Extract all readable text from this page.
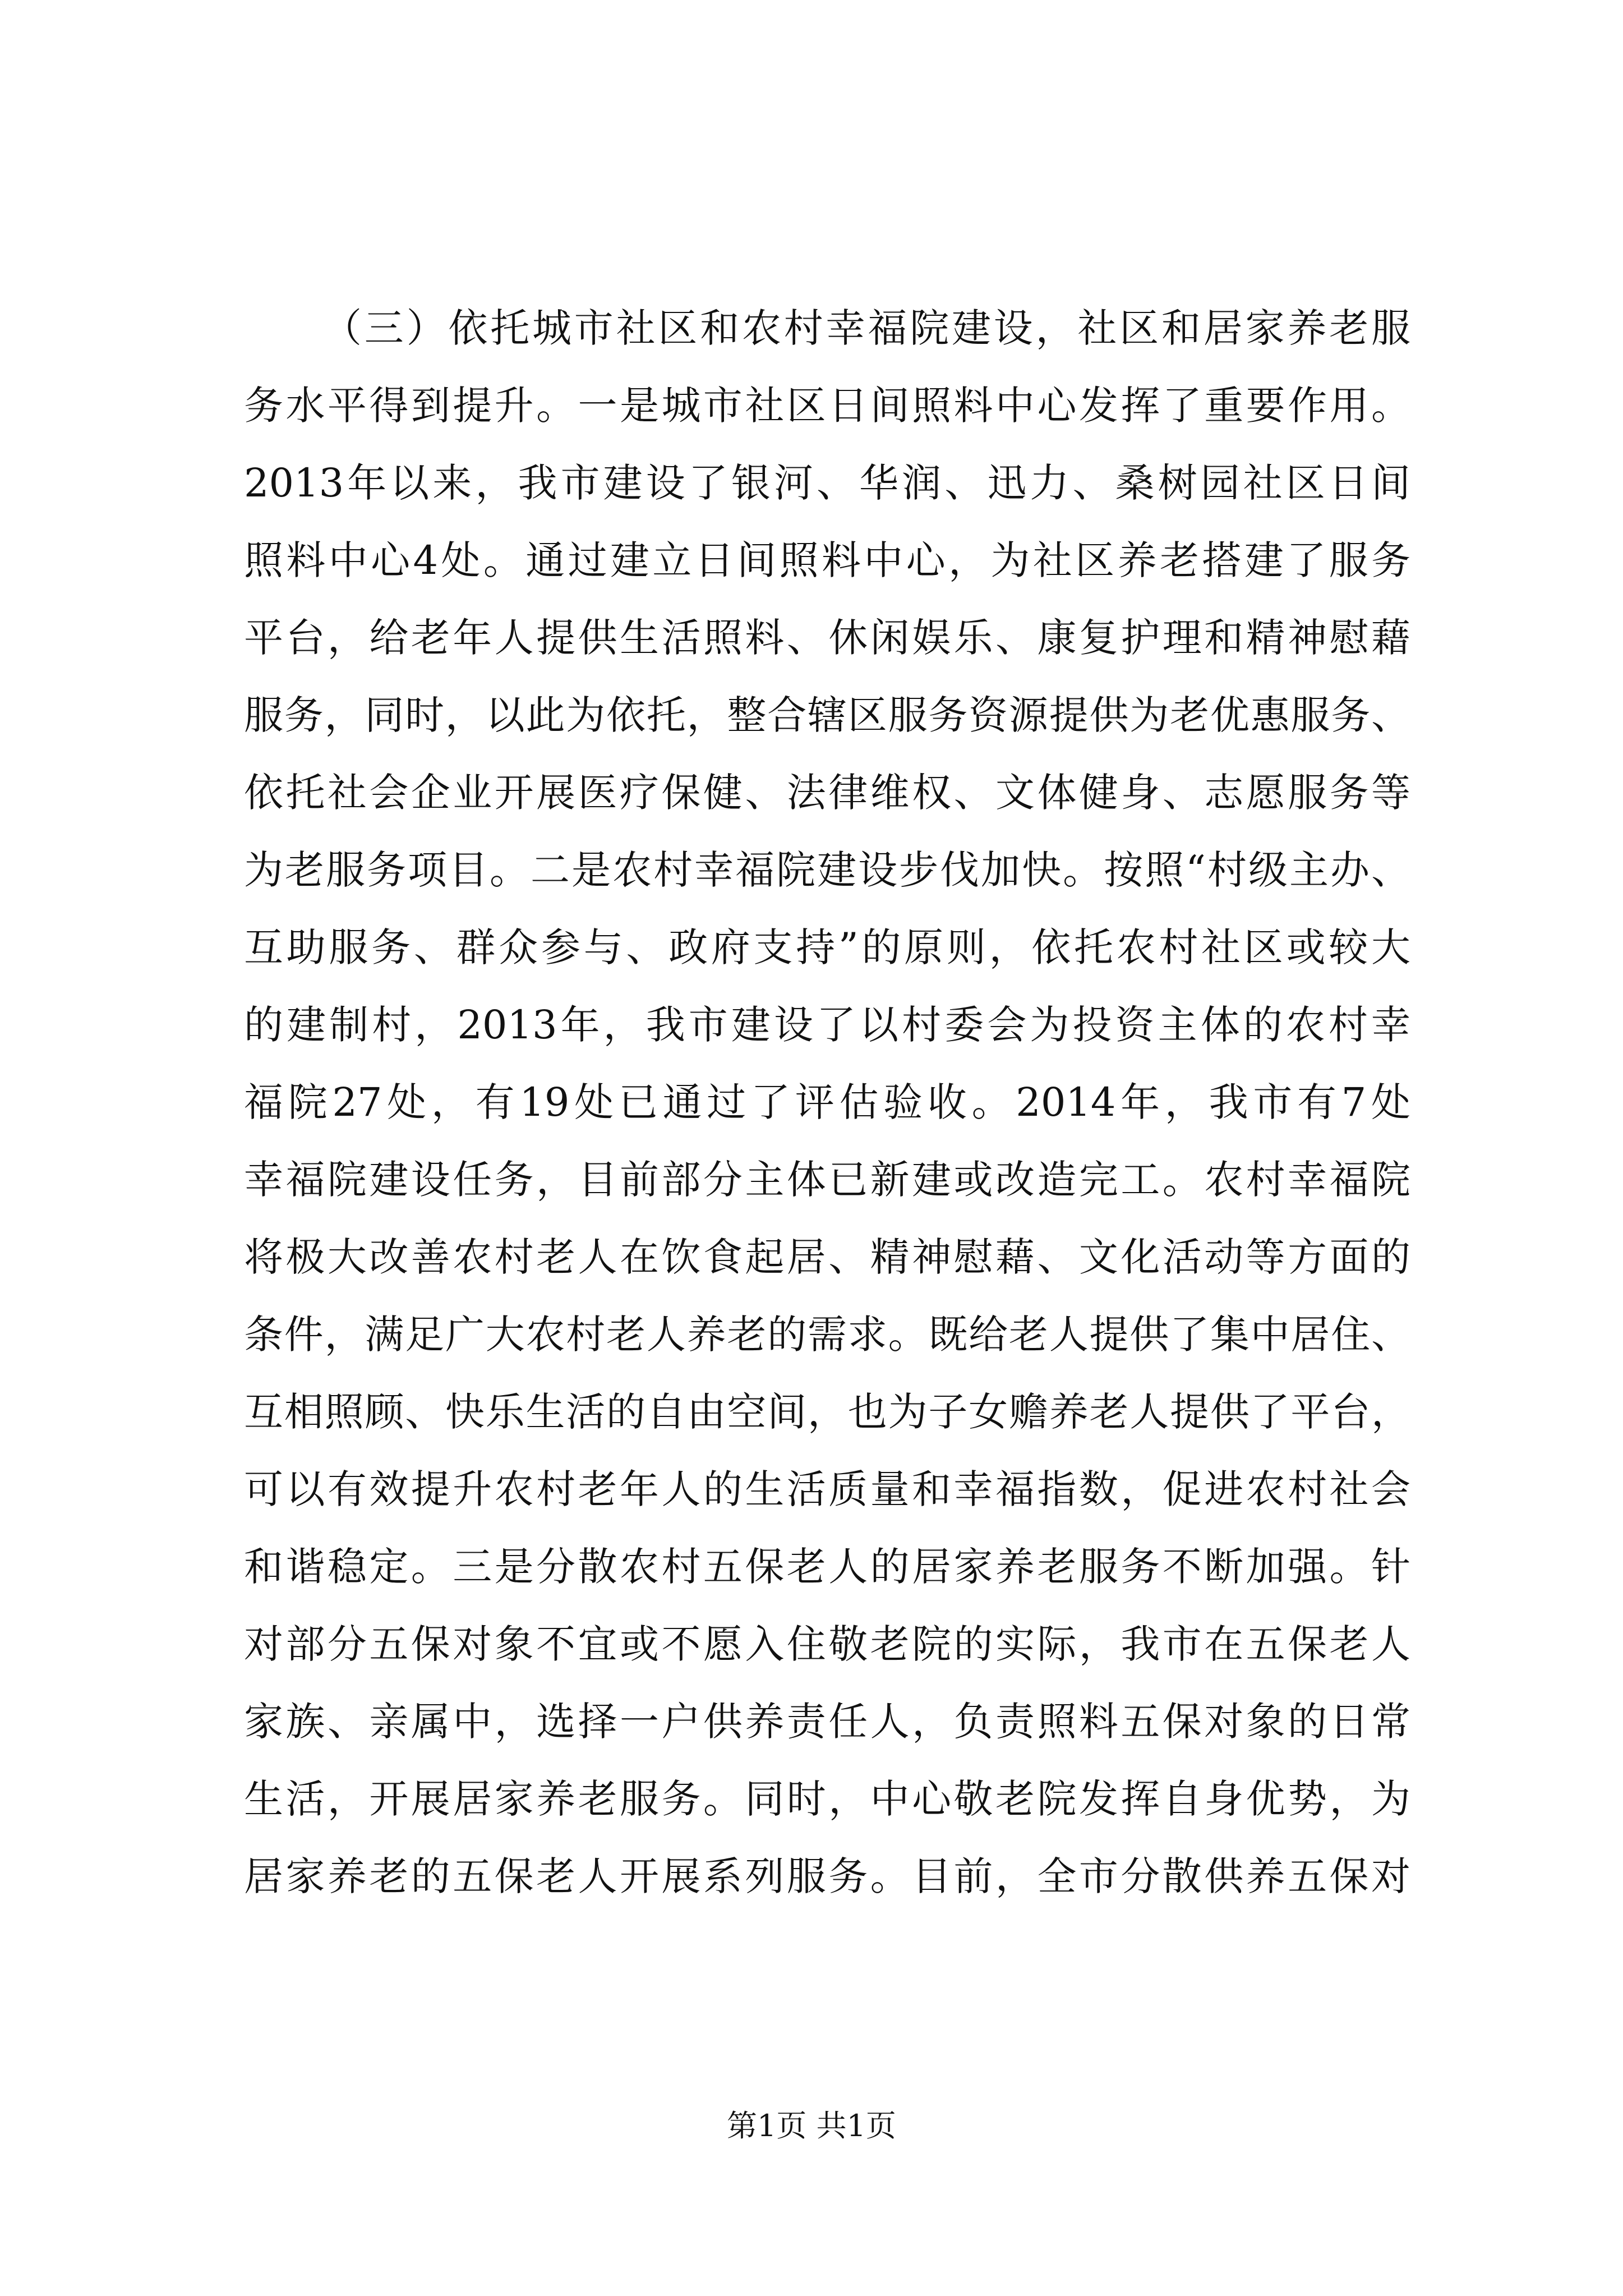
（三）依托城市社区和农村幸福院建设，社区和居家养老服
务水平得到提升。一是城市社区日间照料中心发挥了重要作用。
2013年以来，我市建设了银河、华润、迅力、桑树园社区日间
照料中心4处。通过建立日间照料中心，为社区养老搭建了服务
平台，给老年人提供生活照料、休闲娱乐、康复护理和精神慰藉
服务，同时，以此为依托，整合辖区服务资源提供为老优惠服务、
依托社会企业开展医疗保健、法律维权、文体健身、志愿服务等
为老服务项目。二是农村幸福院建设步伐加快。按照“村级主办、
互助服务、群众参与、政府支持”的原则，依托农村社区或较大
的建制村，2013年，我市建设了以村委会为投资主体的农村幸
福院27处，有19处已通过了评估验收。2014年，我市有7处
幸福院建设任务，目前部分主体已新建或改造完工。农村幸福院
将极大改善农村老人在饮食起居、精神慰藉、文化活动等方面的
条件，满足广大农村老人养老的需求。既给老人提供了集中居住、
互相照顾、快乐生活的自由空间，也为子女赡养老人提供了平台，
可以有效提升农村老年人的生活质量和幸福指数，促进农村社会
和谐稳定。三是分散农村五保老人的居家养老服务不断加强。针
对部分五保对象不宜或不愿入住敬老院的实际，我市在五保老人
家族、亲属中，选择一户供养责任人，负责照料五保对象的日常
生活，开展居家养老服务。同时，中心敬老院发挥自身优势，为
居家养老的五保老人开展系列服务。目前，全市分散供养五保对
第1页 共1页
